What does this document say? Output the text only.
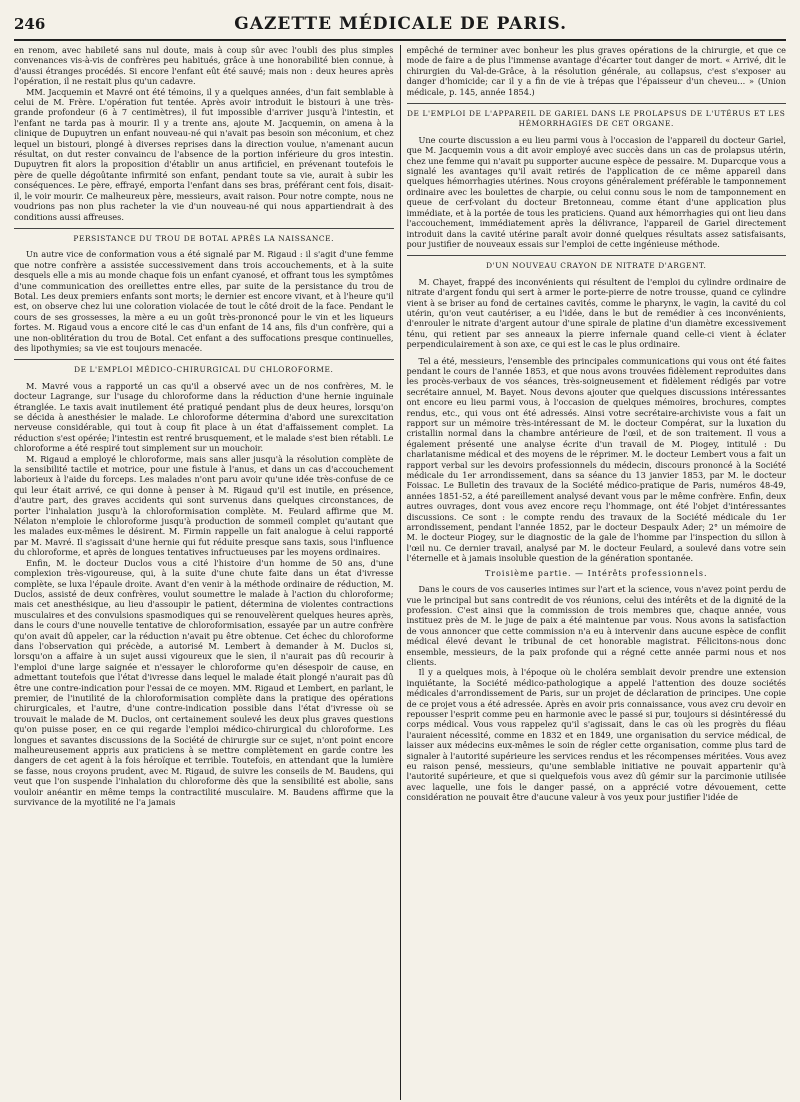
246	GAZETTE MÉDICALE DE PARIS.

en renom, avec habileté sans nul doute, mais à coup sûr avec l'oubli des plus simples convenances vis-à-vis de confrères peu habitués, grâce à une honorabilité bien connue, à d'aussi étranges procédés. Si encore l'enfant eût été sauvé; mais non : deux heures après l'opération, il ne restait plus qu'un cadavre.

MM. Jacquemin et Mavré ont été témoins, il y a quelques années, d'un fait semblable à celui de M. Frère. L'opération fut tentée. Après avoir introduit le bistouri à une très-grande profondeur (6 à 7 centimètres), il fut impossible d'arriver jusqu'à l'intestin, et l'enfant ne tarda pas à mourir. Il y a trente ans, ajoute M. Jacquemin, on amena à la clinique de Dupuytren un enfant nouveau-né qui n'avait pas besoin son méconium, et chez lequel un bistouri, plongé à diverses reprises dans la direction voulue, n'amenant aucun résultat, on dut rester convaincu de l'absence de la portion inférieure du gros intestin. Dupuytren fit alors la proposition d'établir un anus artificiel, en prévenant toutefois le père de quelle dégoûtante infirmité son enfant, pendant toute sa vie, aurait à subir les conséquences. Le père, effrayé, emporta l'enfant dans ses bras, préférant cent fois, disait-il, le voir mourir. Ce malheureux père, messieurs, avait raison. Pour notre compte, nous ne voudrions pas non plus racheter la vie d'un nouveau-né qui nous appartiendrait à des conditions aussi affreuses.

PERSISTANCE DU TROU DE BOTAL APRÈS LA NAISSANCE.

Un autre vice de conformation vous a été signalé par M. Rigaud : il s'agit d'une femme que notre confrère a assistée successivement dans trois accouchements, et à la suite desquels elle a mis au monde chaque fois un enfant cyanosé, et offrant tous les symptômes d'une communication des oreillettes entre elles, par suite de la persistance du trou de Botal. Les deux premiers enfants sont morts; le dernier est encore vivant, et à l'heure qu'il est, on observe chez lui une coloration violacée de tout le côté droit de la face. Pendant le cours de ses grossesses, la mère a eu un goût très-prononcé pour le vin et les liqueurs fortes. M. Rigaud vous a encore cité le cas d'un enfant de 14 ans, fils d'un confrère, qui a une non-oblitération du trou de Botal. Cet enfant a des suffocations presque continuelles, des lipothymies; sa vie est toujours menacée.

DE L'EMPLOI MÉDICO-CHIRURGICAL DU CHLOROFORME.

M. Mavré vous a rapporté un cas qu'il a observé avec un de nos confrères, M. le docteur Lagrange, sur l'usage du chloroforme dans la réduction d'une hernie inguinale étranglée. Le taxis avait inutilement été pratiqué pendant plus de deux heures, lorsqu'on se décida à anesthésier le malade. Le chloroforme détermina d'abord une surexcitation nerveuse considérable, qui tout à coup fit place à un état d'affaissement complet. La réduction s'est opérée; l'intestin est rentré brusquement, et le malade s'est bien rétabli. Le chloroforme a été respiré tout simplement sur un mouchoir.

M. Rigaud a employé le chloroforme, mais sans aller jusqu'à la résolution complète de la sensibilité tactile et motrice, pour une fistule à l'anus, et dans un cas d'accouchement laborieux à l'aide du forceps. Les malades n'ont paru avoir qu'une idée très-confuse de ce qui leur était arrivé, ce qui donne à penser à M. Rigaud qu'il est inutile, en présence, d'autre part, des graves accidents qui sont survenus dans quelques circonstances, de porter l'inhalation jusqu'à la chloroformisation complète. M. Feulard affirme que M. Nélaton n'emploie le chloroforme jusqu'à production de sommeil complet qu'autant que les malades eux-mêmes le désirent. M. Firmin rappelle un fait analogue à celui rapporté par M. Mavré. Il s'agissait d'une hernie qui fut réduite presque sans taxis, sous l'influence du chloroforme, et après de longues tentatives infructueuses par les moyens ordinaires.

Enfin, M. le docteur Duclos vous a cité l'histoire d'un homme de 50 ans, d'une complexion très-vigoureuse, qui, à la suite d'une chute faite dans un état d'ivresse complète, se luxa l'épaule droite. Avant d'en venir à la méthode ordinaire de réduction, M. Duclos, assisté de deux confrères, voulut soumettre le malade à l'action du chloroforme; mais cet anesthésique, au lieu d'assoupir le patient, détermina de violentes contractions musculaires et des convulsions spasmodiques qui se renouvelèrent quelques heures après, dans le cours d'une nouvelle tentative de chloroformisation, essayée par un autre confrère qu'on avait dû appeler, car la réduction n'avait pu être obtenue. Cet échec du chloroforme dans l'observation qui précède, a autorisé M. Lembert à demander à M. Duclos si, lorsqu'on a affaire à un sujet aussi vigoureux que le sien, il n'aurait pas dû recourir à l'emploi d'une large saignée et n'essayer le chloroforme qu'en désespoir de cause, en admettant toutefois que l'état d'ivresse dans lequel le malade était plongé n'aurait pas dû être une contre-indication pour l'essai de ce moyen. MM. Rigaud et Lembert, en parlant, le premier, de l'inutilité de la chloroformisation complète dans la pratique des opérations chirurgicales, et l'autre, d'une contre-indication possible dans l'état d'ivresse où se trouvait le malade de M. Duclos, ont certainement soulevé les deux plus graves questions qu'on puisse poser, en ce qui regarde l'emploi médico-chirurgical du chloroforme. Les longues et savantes discussions de la Société de chirurgie sur ce sujet, n'ont point encore malheureusement appris aux praticiens à se mettre complètement en garde contre les dangers de cet agent à la fois héroïque et terrible. Toutefois, en attendant que la lumière se fasse, nous croyons prudent, avec M. Rigaud, de suivre les conseils de M. Baudens, qui veut que l'on suspende l'inhalation du chloroforme dès que la sensibilité est abolie, sans vouloir anéantir en même temps la contractilité musculaire. M. Baudens affirme que la survivance de la myotilité ne l'a jamais

empêché de terminer avec bonheur les plus graves opérations de la chirurgie, et que ce mode de faire a de plus l'immense avantage d'écarter tout danger de mort. « Arrivé, dit le chirurgien du Val-de-Grâce, à la résolution générale, au collapsus, c'est s'exposer au danger d'homicide; car il y a fin de vie à trépas que l'épaisseur d'un cheveu... » (Union médicale, p. 145, année 1854.)

DE L'EMPLOI DE L'APPAREIL DE GARIEL DANS LE PROLAPSUS DE L'UTÉRUS ET LES HÉMORRHAGIES DE CET ORGANE.

Une courte discussion a eu lieu parmi vous à l'occasion de l'appareil du docteur Gariel, que M. Jacquemin vous a dit avoir employé avec succès dans un cas de prolapsus utérin, chez une femme qui n'avait pu supporter aucune espèce de pessaire. M. Duparcque vous a signalé les avantages qu'il avait retirés de l'application de ce même appareil dans quelques hémorrhagies utérines. Nous croyons généralement préférable le tamponnement ordinaire avec les boulettes de charpie, ou celui connu sous le nom de tamponnement en queue de cerf-volant du docteur Bretonneau, comme étant d'une application plus immédiate, et à la portée de tous les praticiens. Quand aux hémorrhagies qui ont lieu dans l'accouchement, immédiatement après la délivrance, l'appareil de Gariel directement introduit dans la cavité utérine paraît avoir donné quelques résultats assez satisfaisants, pour justifier de nouveaux essais sur l'emploi de cette ingénieuse méthode.

D'UN NOUVEAU CRAYON DE NITRATE D'ARGENT.

M. Chayet, frappé des inconvénients qui résultent de l'emploi du cylindre ordinaire de nitrate d'argent fondu qui sert à armer le porte-pierre de notre trousse, quand ce cylindre vient à se briser au fond de certaines cavités, comme le pharynx, le vagin, la cavité du col utérin, qu'on veut cautériser, a eu l'idée, dans le but de remédier à ces inconvénients, d'enrouler le nitrate d'argent autour d'une spirale de platine d'un diamètre excessivement ténu, qui retient par ses anneaux la pierre infernale quand celle-ci vient à éclater perpendiculairement à son axe, ce qui est le cas le plus ordinaire.

Tel a été, messieurs, l'ensemble des principales communications qui vous ont été faites pendant le cours de l'année 1853, et que nous avons trouvées fidèlement reproduites dans les procès-verbaux de vos séances, très-soigneusement et fidèlement rédigés par votre secrétaire annuel, M. Bayet. Nous devons ajouter que quelques discussions intéressantes ont encore eu lieu parmi vous, à l'occasion de quelques mémoires, brochures, comptes rendus, etc., qui vous ont été adressés. Ainsi votre secrétaire-archiviste vous a fait un rapport sur un mémoire très-intéressant de M. le docteur Compérat, sur la luxation du cristallin normal dans la chambre antérieure de l'œil, et de son traitement. Il vous a également présenté une analyse écrite d'un travail de M. Piogey, intitulé : Du charlatanisme médical et des moyens de le réprimer. M. le docteur Lembert vous a fait un rapport verbal sur les devoirs professionnels du médecin, discours prononcé à la Société médicale du 1er arrondissement, dans sa séance du 13 janvier 1853, par M. le docteur Foissac. Le Bulletin des travaux de la Société médico-pratique de Paris, numéros 48-49, années 1851-52, a été pareillement analysé devant vous par le même confrère. Enfin, deux autres ouvrages, dont vous avez encore reçu l'hommage, ont été l'objet d'intéressantes discussions. Ce sont : le compte rendu des travaux de la Société médicale du 1er arrondissement, pendant l'année 1852, par le docteur Despaulx Ader; 2° un mémoire de M. le docteur Piogey, sur le diagnostic de la gale de l'homme par l'inspection du sillon à l'œil nu. Ce dernier travail, analysé par M. le docteur Feulard, a soulevé dans votre sein l'éternelle et à jamais insoluble question de la génération spontanée.

Troisième partie. — Intérêts professionnels.

Dans le cours de vos causeries intimes sur l'art et la science, vous n'avez point perdu de vue le principal but sans contredit de vos réunions, celui des intérêts et de la dignité de la profession. C'est ainsi que la commission de trois membres que, chaque année, vous instituez près de M. le juge de paix a été maintenue par vous. Nous avons la satisfaction de vous annoncer que cette commission n'a eu à intervenir dans aucune espèce de conflit médical élevé devant le tribunal de cet honorable magistrat. Félicitons-nous donc ensemble, messieurs, de la paix profonde qui a régné cette année parmi nous et nos clients.

Il y a quelques mois, à l'époque où le choléra semblait devoir prendre une extension inquiétante, la Société médico-pathologique a appelé l'attention des douze sociétés médicales d'arrondissement de Paris, sur un projet de déclaration de principes. Une copie de ce projet vous a été adressée. Après en avoir pris connaissance, vous avez cru devoir en repousser l'esprit comme peu en harmonie avec le passé si pur, toujours si désintéressé du corps médical. Vous vous rappelez qu'il s'agissait, dans le cas où les progrès du fléau l'auraient nécessité, comme en 1832 et en 1849, une organisation du service médical, de laisser aux médecins eux-mêmes le soin de régler cette organisation, comme plus tard de signaler à l'autorité supérieure les services rendus et les récompenses méritées. Vous avez eu raison pensé, messieurs, qu'une semblable initiative ne pouvait appartenir qu'à l'autorité supérieure, et que si quelquefois vous avez dû gémir sur la parcimonie utilisée avec laquelle, une fois le danger passé, on a apprécié votre dévouement, cette considération ne pouvait être d'aucune valeur à vos yeux pour justifier l'idée de
